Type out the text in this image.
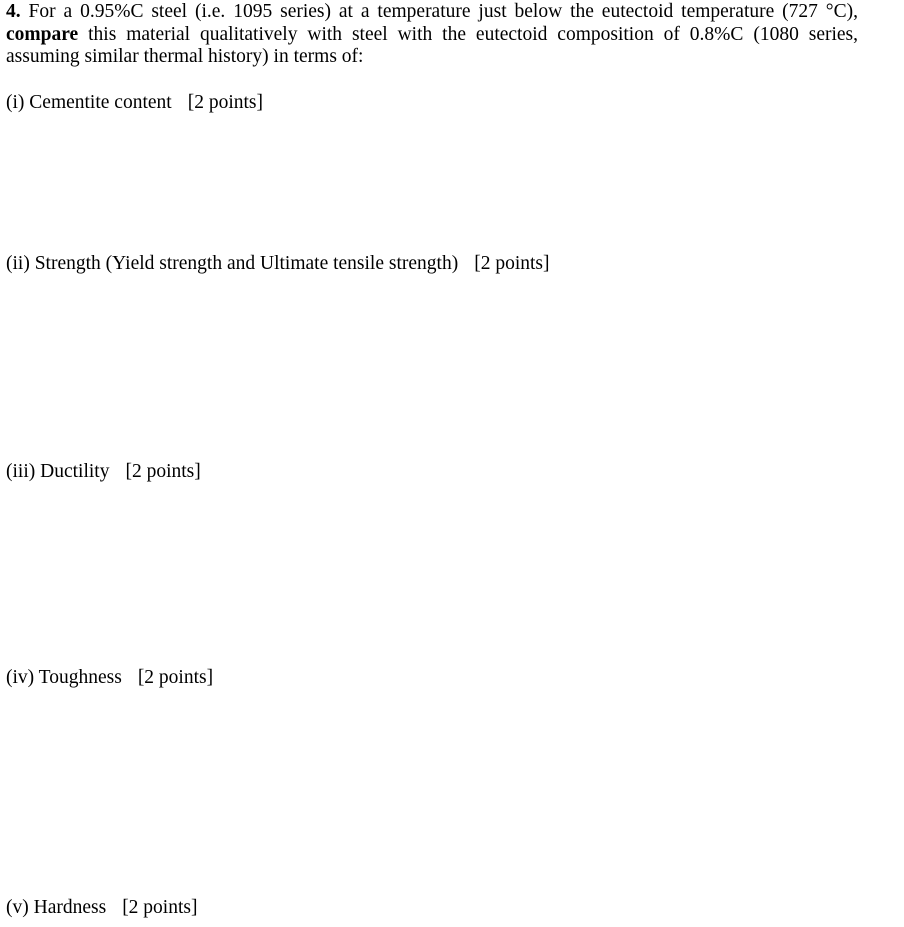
4. For a 0.95%C steel (i.e. 1095 series) at a temperature just below the eutectoid temperature (727 °C),
compare this material qualitatively with steel with the eutectoid composition of 0.8%C (1080 series,
assuming similar thermal history) in terms of:
(i) Cementite content [2 points]
(ii) Strength (Yield strength and Ultimate tensile strength) [2 points]
(iii) Ductility [2 points]
(iv) Toughness [2 points]
(v) Hardness [2 points]
